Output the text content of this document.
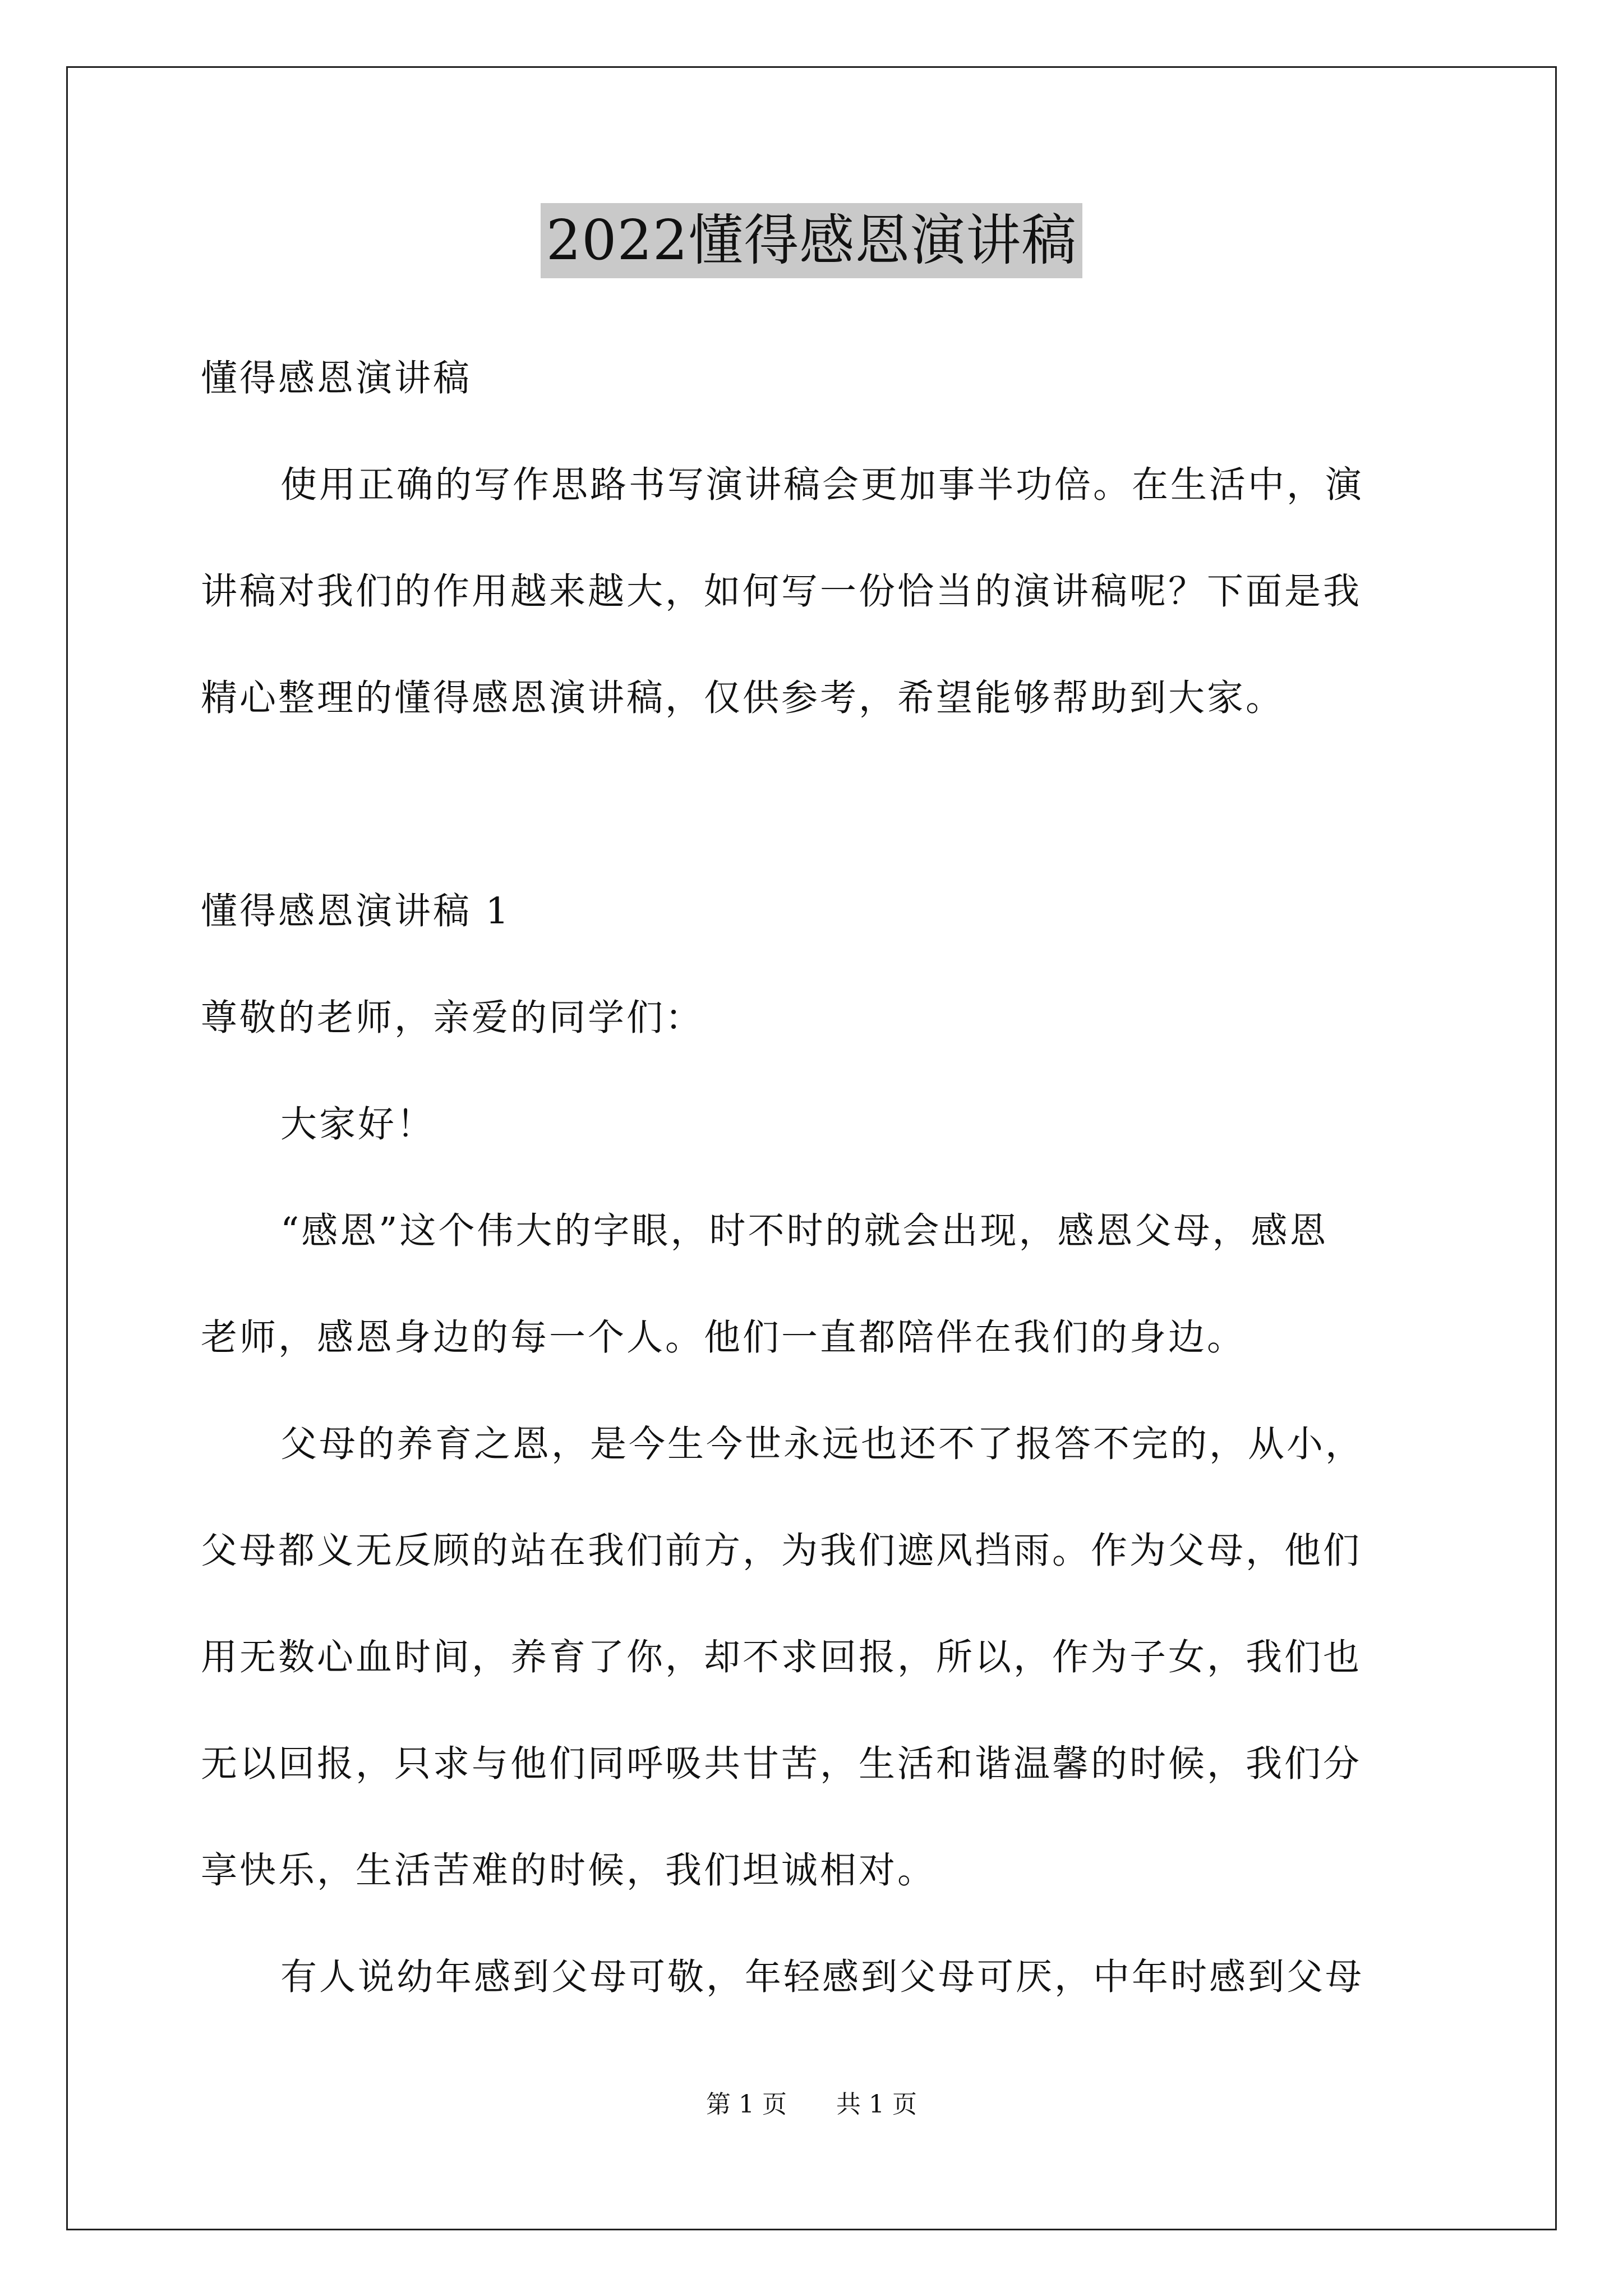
2022懂得感恩演讲稿
懂得感恩演讲稿
使用正确的写作思路书写演讲稿会更加事半功倍。在生活中，演
讲稿对我们的作用越来越大，如何写一份恰当的演讲稿呢？下面是我
精心整理的懂得感恩演讲稿，仅供参考，希望能够帮助到大家。
懂得感恩演讲稿 1
尊敬的老师，亲爱的同学们：
大家好！
“感恩”这个伟大的字眼，时不时的就会出现，感恩父母，感恩
老师，感恩身边的每一个人。他们一直都陪伴在我们的身边。
父母的养育之恩，是今生今世永远也还不了报答不完的，从小，
父母都义无反顾的站在我们前方，为我们遮风挡雨。作为父母，他们
用无数心血时间，养育了你，却不求回报，所以，作为子女，我们也
无以回报，只求与他们同呼吸共甘苦，生活和谐温馨的时候，我们分
享快乐，生活苦难的时候，我们坦诚相对。
有人说幼年感到父母可敬，年轻感到父母可厌，中年时感到父母
第 1 页 共 1 页
